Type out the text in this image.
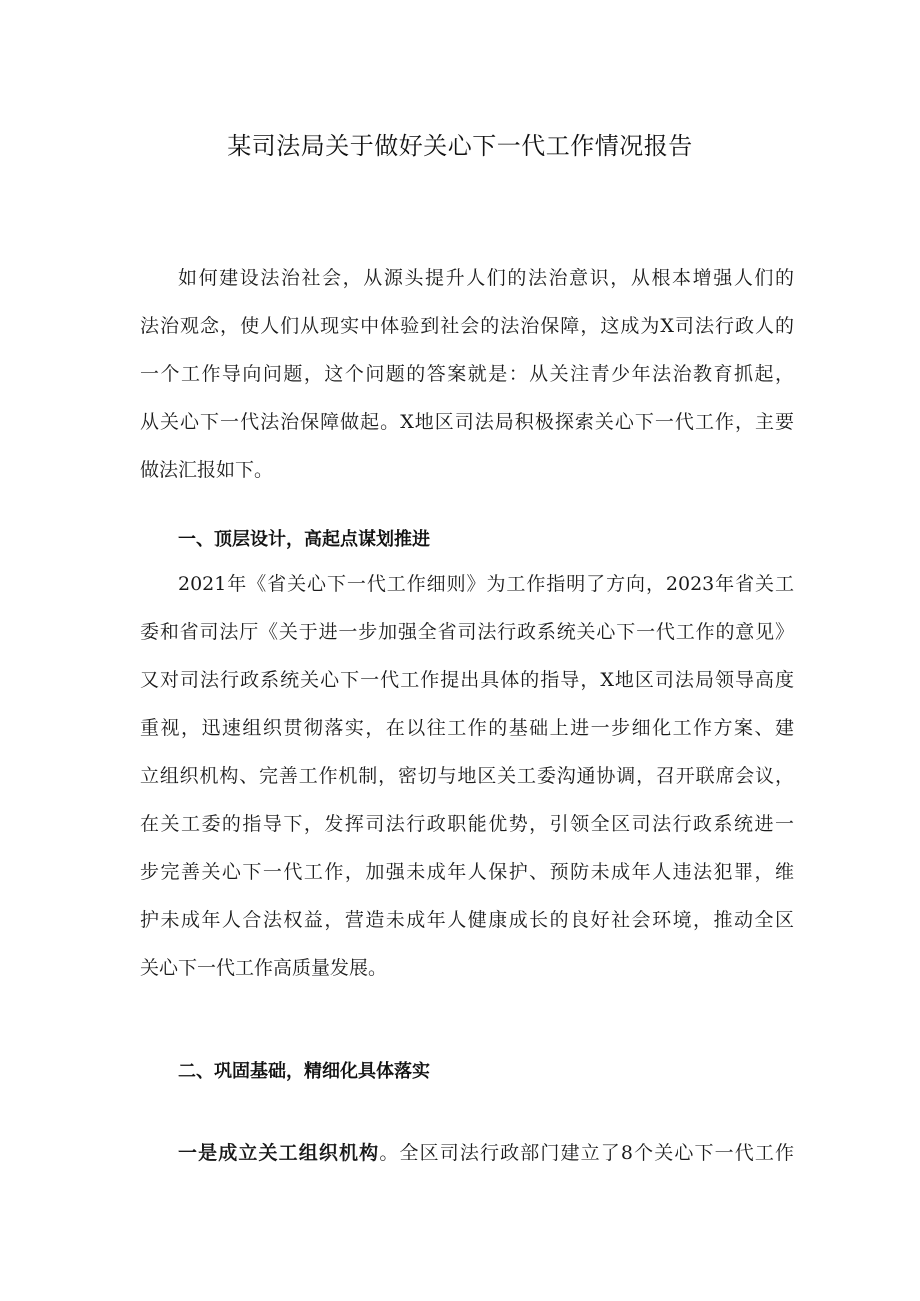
某司法局关于做好关心下一代工作情况报告
如何建设法治社会，从源头提升人们的法治意识，从根本增强人们的
法治观念，使人们从现实中体验到社会的法治保障，这成为X司法行政人的
一个工作导向问题，这个问题的答案就是：从关注青少年法治教育抓起，
从关心下一代法治保障做起。X地区司法局积极探索关心下一代工作，主要
做法汇报如下。
一、顶层设计，高起点谋划推进
2021年《省关心下一代工作细则》为工作指明了方向，2023年省关工
委和省司法厅《关于进一步加强全省司法行政系统关心下一代工作的意见》
又对司法行政系统关心下一代工作提出具体的指导，X地区司法局领导高度
重视，迅速组织贯彻落实，在以往工作的基础上进一步细化工作方案、建
立组织机构、完善工作机制，密切与地区关工委沟通协调，召开联席会议，
在关工委的指导下，发挥司法行政职能优势，引领全区司法行政系统进一
步完善关心下一代工作，加强未成年人保护、预防未成年人违法犯罪，维
护未成年人合法权益，营造未成年人健康成长的良好社会环境，推动全区
关心下一代工作高质量发展。
二、巩固基础，精细化具体落实
一是成立关工组织机构。全区司法行政部门建立了8个关心下一代工作
